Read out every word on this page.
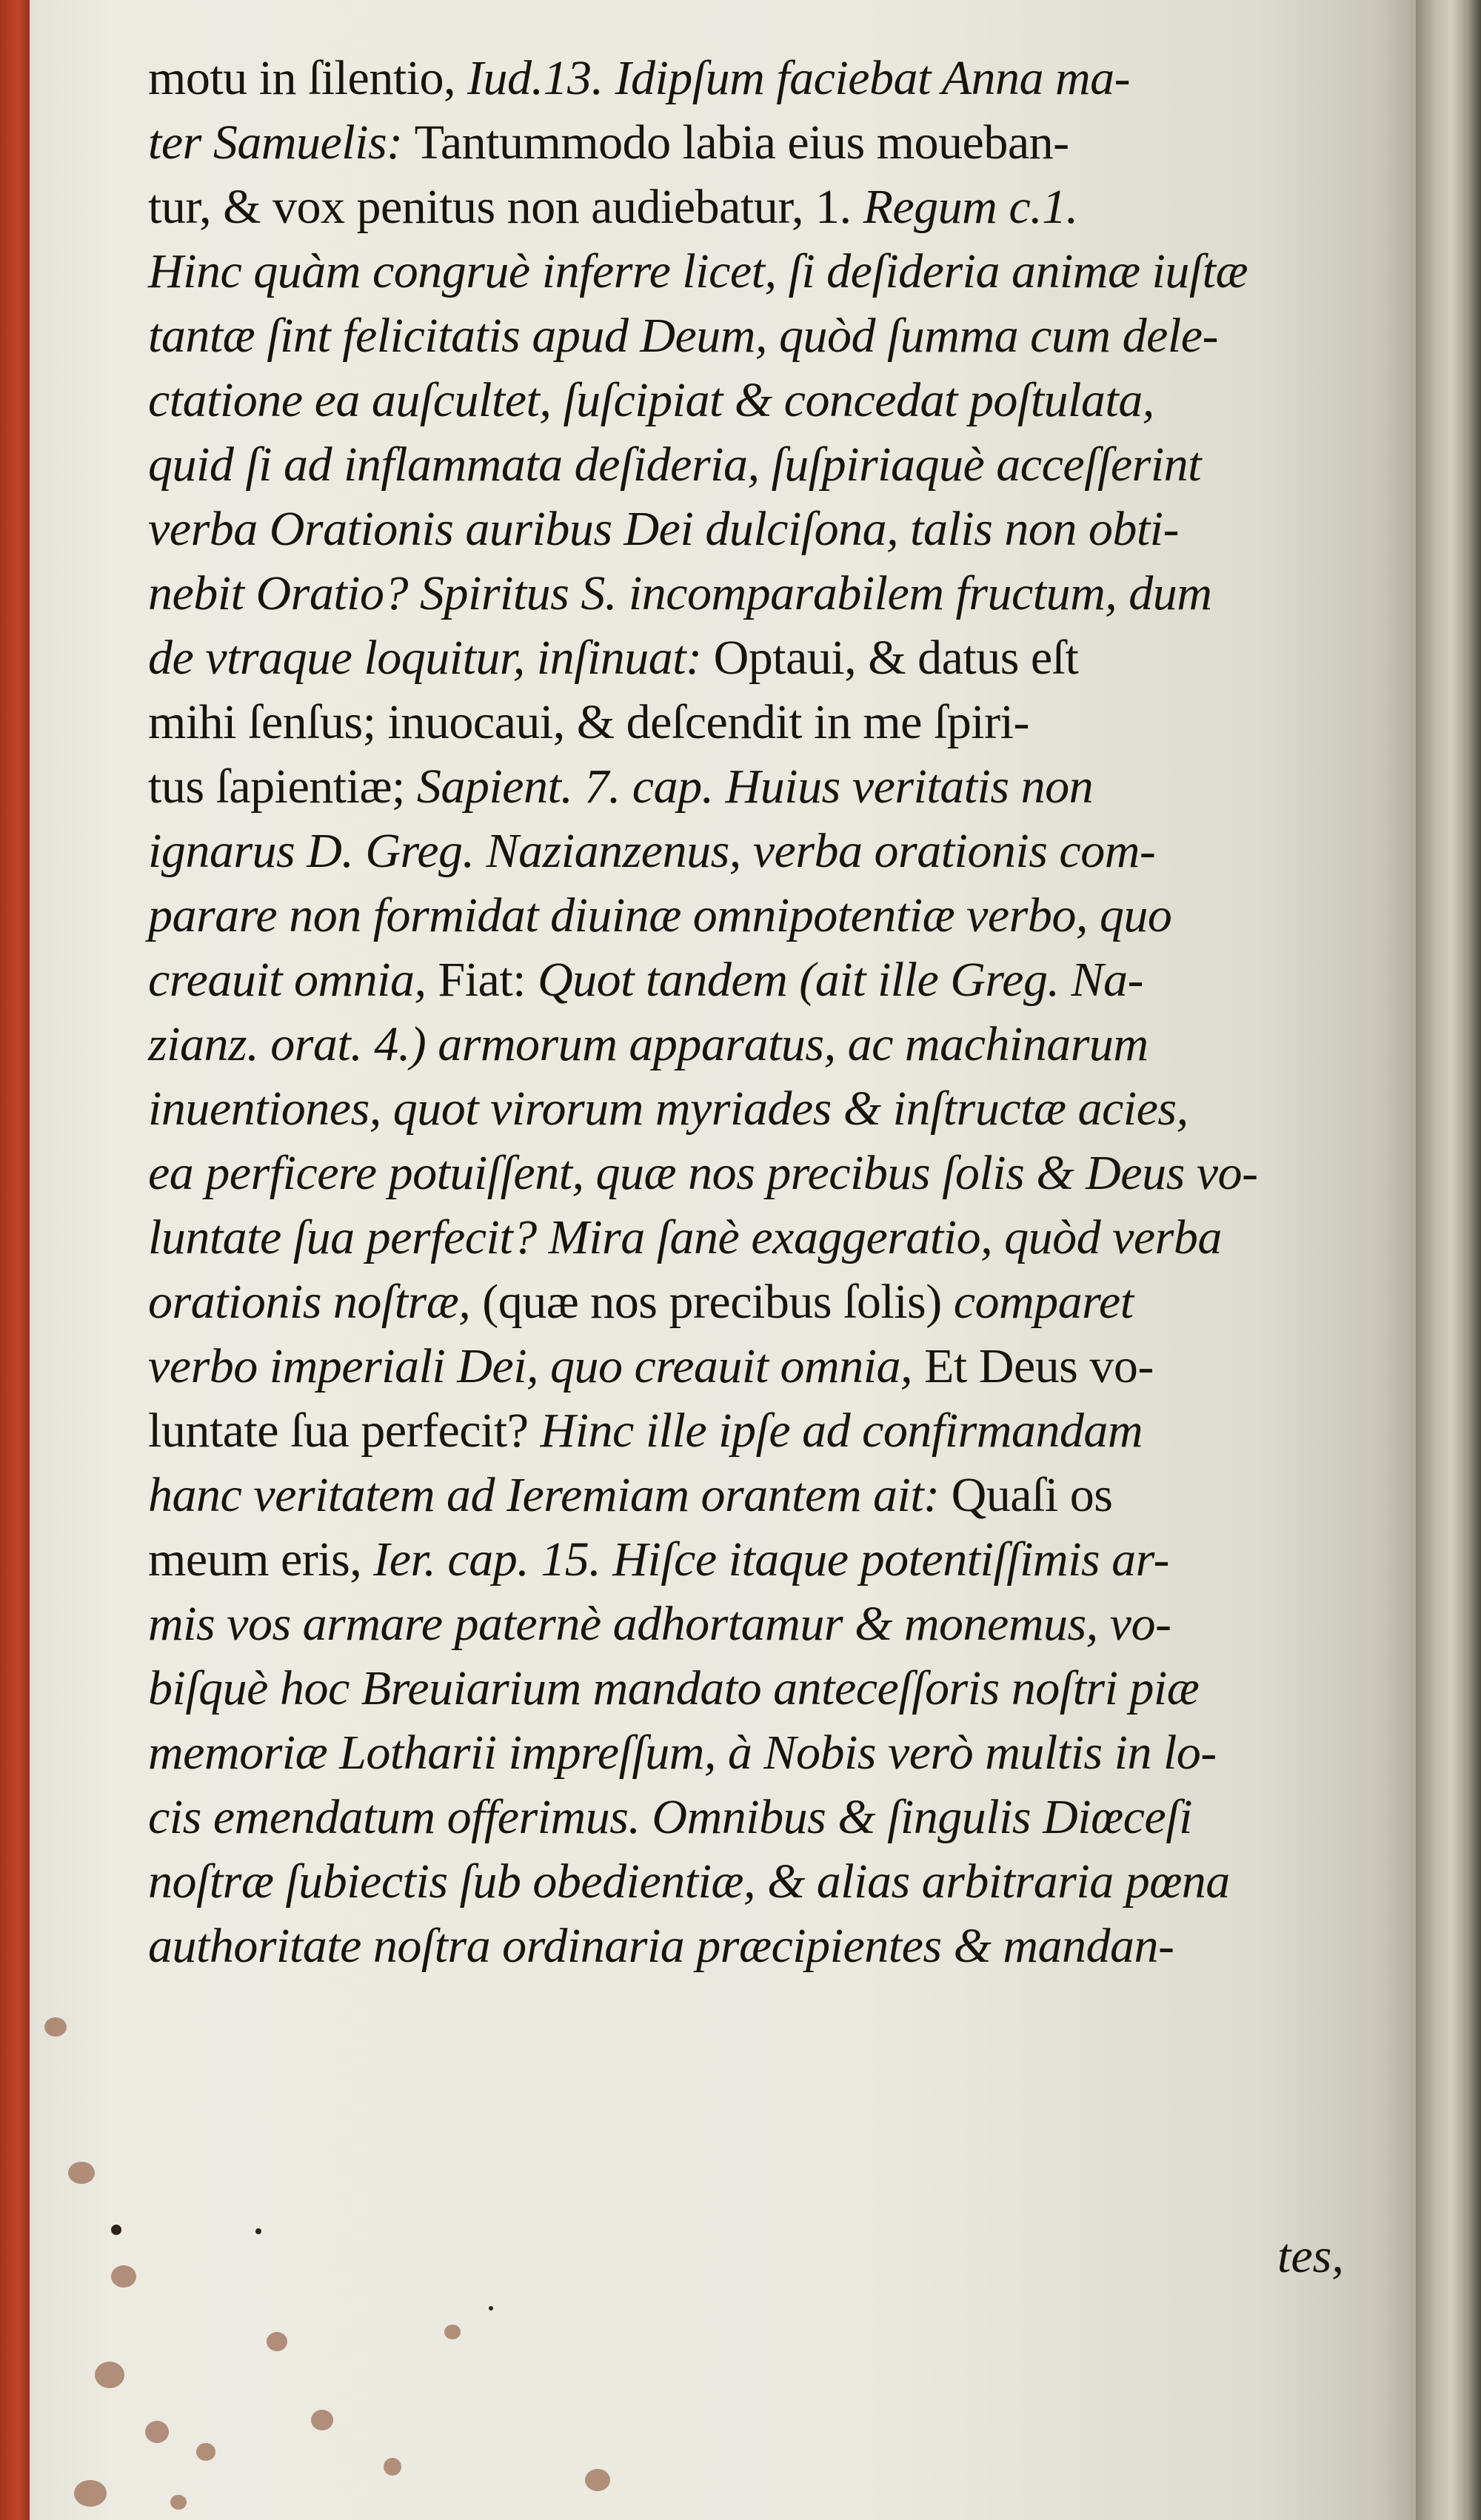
motu in ſilentio, Iud.13. Idipſum faciebat Anna ma-
ter Samuelis: Tantummodo labia eius moueban-
tur, & vox penitus non audiebatur, 1. Regum c.1.
Hinc quàm congruè inferre licet, ſi deſideria animæ iuſtæ
tantæ ſint felicitatis apud Deum, quòd ſumma cum dele-
ctatione ea auſcultet, ſuſcipiat & concedat poſtulata,
quid ſi ad inflammata deſideria, ſuſpiriaquè acceſſerint
verba Orationis auribus Dei dulciſona, talis non obti-
nebit Oratio? Spiritus S. incomparabilem fructum, dum
de vtraque loquitur, inſinuat: Optaui, & datus eſt
mihi ſenſus; inuocaui, & deſcendit in me ſpiri-
tus ſapientiæ; Sapient. 7. cap. Huius veritatis non
ignarus D. Greg. Nazianzenus, verba orationis com-
parare non formidat diuinæ omnipotentiæ verbo, quo
creauit omnia, Fiat: Quot tandem (ait ille Greg. Na-
zianz. orat. 4.) armorum apparatus, ac machinarum
inuentiones, quot virorum myriades & inſtructæ acies,
ea perficere potuiſſent, quæ nos precibus ſolis & Deus vo-
luntate ſua perfecit? Mira ſanè exaggeratio, quòd verba
orationis noſtræ, (quæ nos precibus ſolis) comparet
verbo imperiali Dei, quo creauit omnia, Et Deus vo-
luntate ſua perfecit? Hinc ille ipſe ad confirmandam
hanc veritatem ad Ieremiam orantem ait: Quaſi os
meum eris, Ier. cap. 15. Hiſce itaque potentiſſimis ar-
mis vos armare paternè adhortamur & monemus, vo-
biſquè hoc Breuiarium mandato anteceſſoris noſtri piæ
memoriæ Lotharii impreſſum, à Nobis verò multis in lo-
cis emendatum offerimus. Omnibus & ſingulis Diœceſi
noſtræ ſubiectis ſub obedientiæ, & alias arbitraria pœna
authoritate noſtra ordinaria præcipientes & mandan-
tes,
